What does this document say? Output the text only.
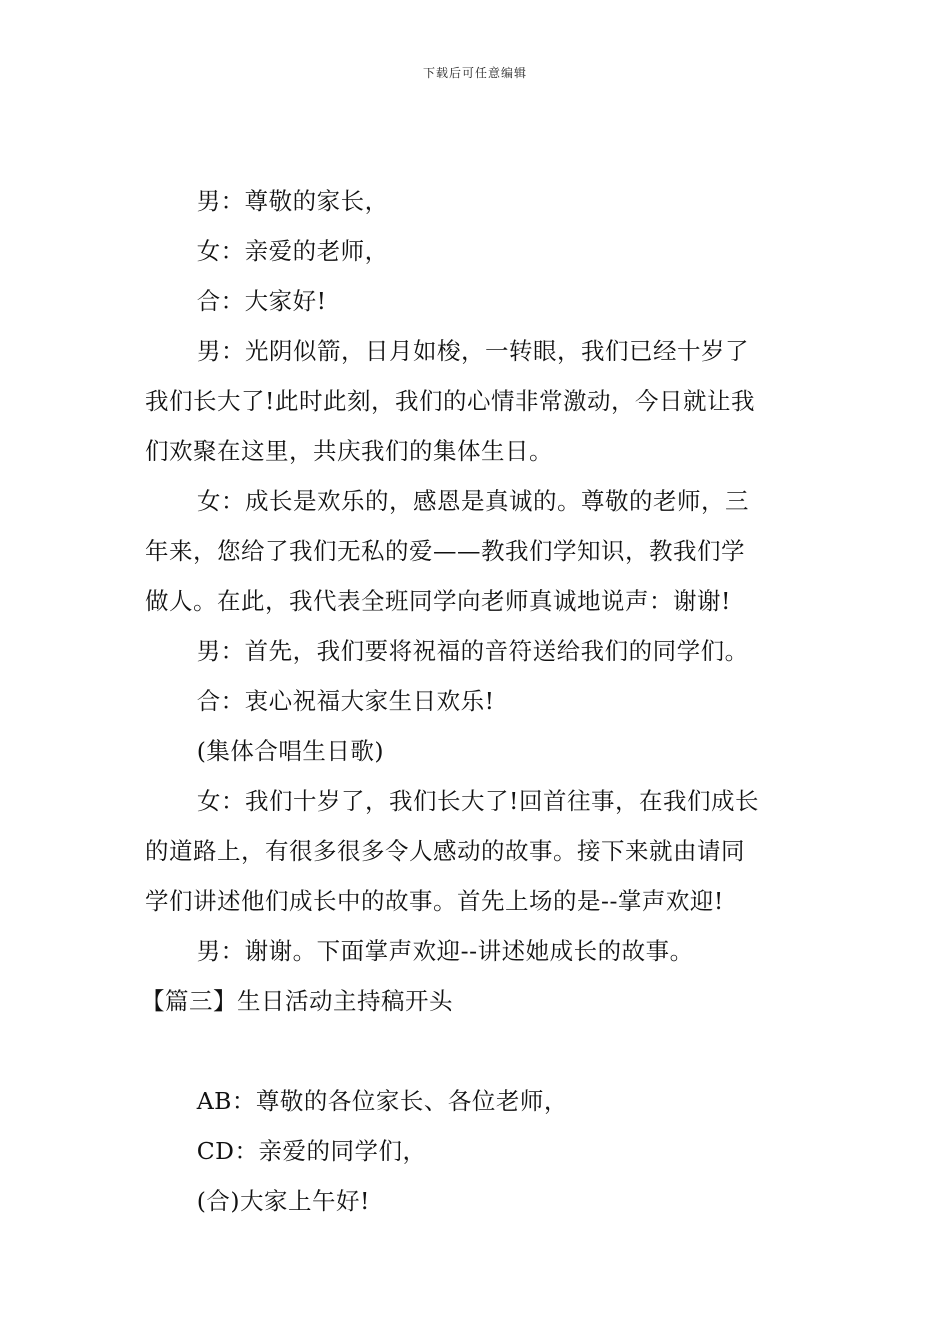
下载后可任意编辑

男：尊敬的家长，

女：亲爱的老师，

合：大家好!

男：光阴似箭，日月如梭，一转眼，我们已经十岁了
我们长大了!此时此刻，我们的心情非常激动，今日就让我
们欢聚在这里，共庆我们的集体生日。
女：成长是欢乐的，感恩是真诚的。尊敬的老师，三
年来，您给了我们无私的爱——教我们学知识，教我们学
做人。在此，我代表全班同学向老师真诚地说声：谢谢!

男：首先，我们要将祝福的音符送给我们的同学们。

合：衷心祝福大家生日欢乐!

(集体合唱生日歌)

女：我们十岁了，我们长大了!回首往事，在我们成长
的道路上，有很多很多令人感动的故事。接下来就由请同
学们讲述他们成长中的故事。首先上场的是--掌声欢迎!

男：谢谢。下面掌声欢迎--讲述她成长的故事。

【篇三】生日活动主持稿开头

AB：尊敬的各位家长、各位老师，

CD：亲爱的同学们，

(合)大家上午好!
